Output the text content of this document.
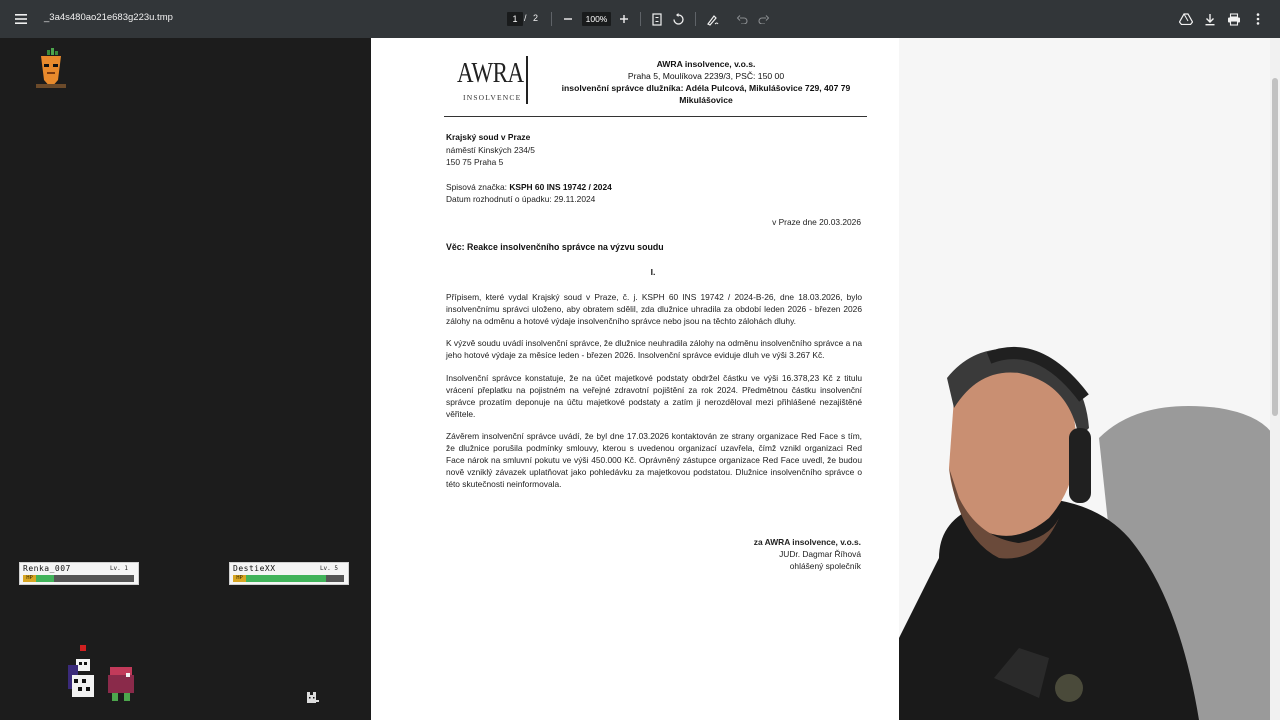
_3a4s480ao21e683g223u.tmp	1 / 2	100%
Renka_007	Lv. 1
HP
DestieXX	Lv. 5
HP
AWRA
INSOLVENCE
AWRA insolvence, v.o.s.
Praha 5, Moulíkova 2239/3, PSČ: 150 00
insolvenční správce dlužníka: Adéla Pulcová, Mikulášovice 729, 407 79
Mikulášovice
Krajský soud v Praze
náměstí Kinských 234/5
150 75 Praha 5
Spisová značka: KSPH 60 INS 19742 / 2024
Datum rozhodnutí o úpadku: 29.11.2024
v Praze dne 20.03.2026
Věc: Reakce insolvenčního správce na výzvu soudu
I.
Přípisem, které vydal Krajský soud v Praze, č. j. KSPH 60 INS 19742 / 2024-B-26, dne 18.03.2026, bylo insolvenčnímu správci uloženo, aby obratem sdělil, zda dlužnice uhradila za období leden 2026 - březen 2026 zálohy na odměnu a hotové výdaje insolvenčního správce nebo jsou na těchto zálohách dluhy.
K výzvě soudu uvádí insolvenční správce, že dlužnice neuhradila zálohy na odměnu insolvenčního správce a na jeho hotové výdaje za měsíce leden - březen 2026. Insolvenční správce eviduje dluh ve výši 3.267 Kč.
Insolvenční správce konstatuje, že na účet majetkové podstaty obdržel částku ve výši 16.378,23 Kč z titulu vrácení přeplatku na pojistném na veřejné zdravotní pojištění za rok 2024. Předmětnou částku insolvenční správce prozatím deponuje na účtu majetkové podstaty a zatím ji nerozděloval mezi přihlášené nezajištěné věřitele.
Závěrem insolvenční správce uvádí, že byl dne 17.03.2026 kontaktován ze strany organizace Red Face s tím, že dlužnice porušila podmínky smlouvy, kterou s uvedenou organizací uzavřela, čímž vznikl organizaci Red Face nárok na smluvní pokutu ve výši 450.000 Kč. Oprávněný zástupce organizace Red Face uvedl, že budou nově vzniklý závazek uplatňovat jako pohledávku za majetkovou podstatou. Dlužnice insolvenčního správce o této skutečnosti neinformovala.
za AWRA insolvence, v.o.s.
JUDr. Dagmar Říhová
ohlášený společník
